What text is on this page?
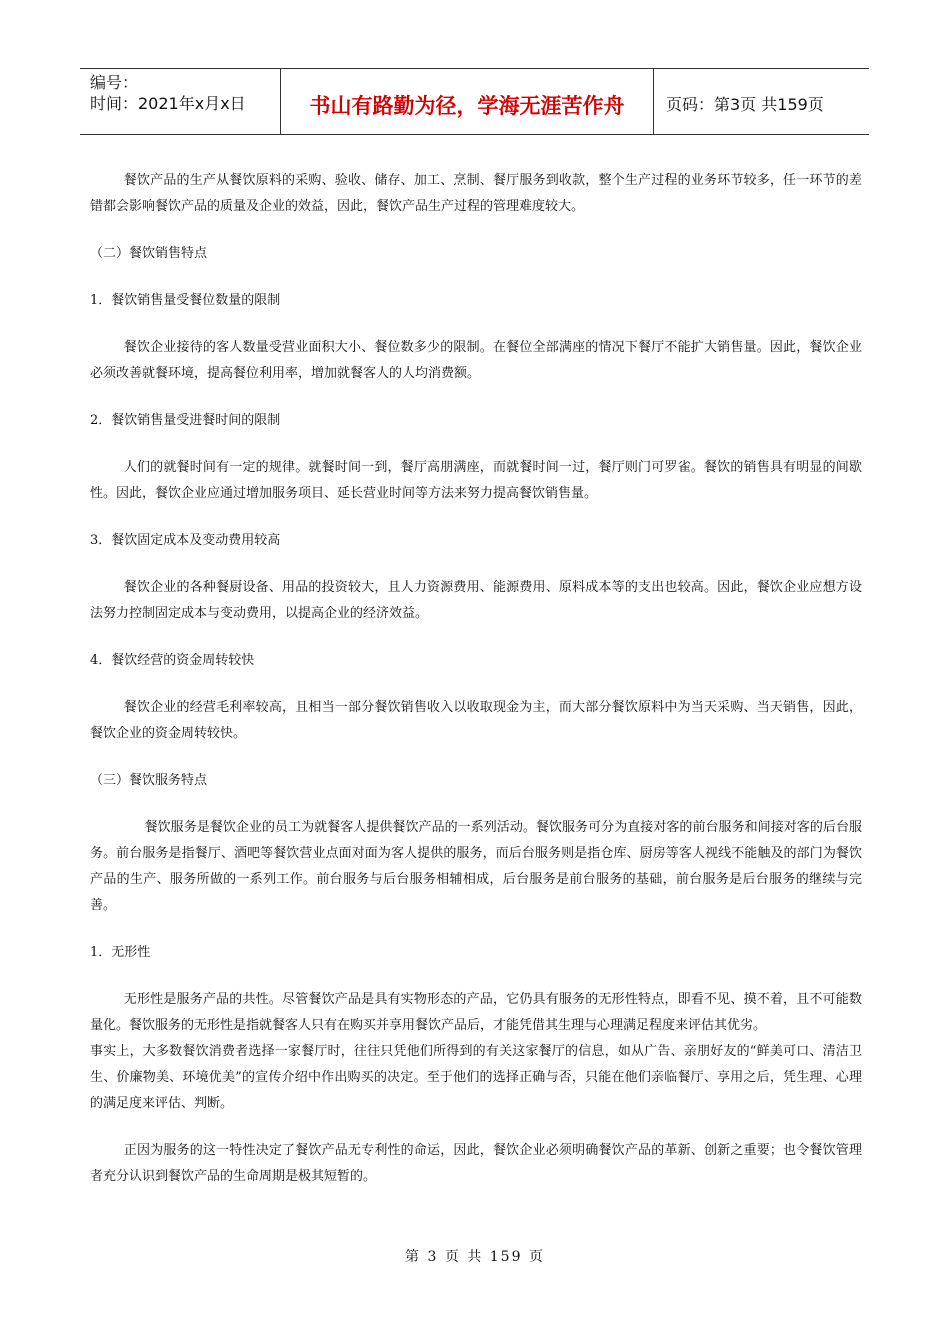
编号：
时间：2021年x月x日	书山有路勤为径，学海无涯苦作舟	页码：第3页 共159页

餐饮产品的生产从餐饮原料的采购、验收、储存、加工、烹制、餐厅服务到收款，整个生产过程的业务环节较多，任一环节的差错都会影响餐饮产品的质量及企业的效益，因此，餐饮产品生产过程的管理难度较大。

（二）餐饮销售特点

1．餐饮销售量受餐位数量的限制

餐饮企业接待的客人数量受营业面积大小、餐位数多少的限制。在餐位全部满座的情况下餐厅不能扩大销售量。因此，餐饮企业必须改善就餐环境，提高餐位利用率，增加就餐客人的人均消费额。

2．餐饮销售量受进餐时间的限制

人们的就餐时间有一定的规律。就餐时间一到，餐厅高朋满座，而就餐时间一过，餐厅则门可罗雀。餐饮的销售具有明显的间歇性。因此，餐饮企业应通过增加服务项目、延长营业时间等方法来努力提高餐饮销售量。

3．餐饮固定成本及变动费用较高

餐饮企业的各种餐厨设备、用品的投资较大，且人力资源费用、能源费用、原料成本等的支出也较高。因此，餐饮企业应想方设法努力控制固定成本与变动费用，以提高企业的经济效益。

4．餐饮经营的资金周转较快

餐饮企业的经营毛利率较高，且相当一部分餐饮销售收入以收取现金为主，而大部分餐饮原料中为当天采购、当天销售，因此，餐饮企业的资金周转较快。

（三）餐饮服务特点

餐饮服务是餐饮企业的员工为就餐客人提供餐饮产品的一系列活动。餐饮服务可分为直接对客的前台服务和间接对客的后台服务。前台服务是指餐厅、酒吧等餐饮营业点面对面为客人提供的服务，而后台服务则是指仓库、厨房等客人视线不能触及的部门为餐饮产品的生产、服务所做的一系列工作。前台服务与后台服务相辅相成，后台服务是前台服务的基础，前台服务是后台服务的继续与完善。

1．无形性

无形性是服务产品的共性。尽管餐饮产品是具有实物形态的产品，它仍具有服务的无形性特点，即看不见、摸不着，且不可能数量化。餐饮服务的无形性是指就餐客人只有在购买并享用餐饮产品后，才能凭借其生理与心理满足程度来评估其优劣。

事实上，大多数餐饮消费者选择一家餐厅时，往往只凭他们所得到的有关这家餐厅的信息，如从广告、亲朋好友的“鲜美可口、清洁卫生、价廉物美、环境优美”的宣传介绍中作出购买的决定。至于他们的选择正确与否，只能在他们亲临餐厅、享用之后，凭生理、心理的满足度来评估、判断。

正因为服务的这一特性决定了餐饮产品无专利性的命运，因此，餐饮企业必须明确餐饮产品的革新、创新之重要；也令餐饮管理者充分认识到餐饮产品的生命周期是极其短暂的。

第 3 页 共 159 页
